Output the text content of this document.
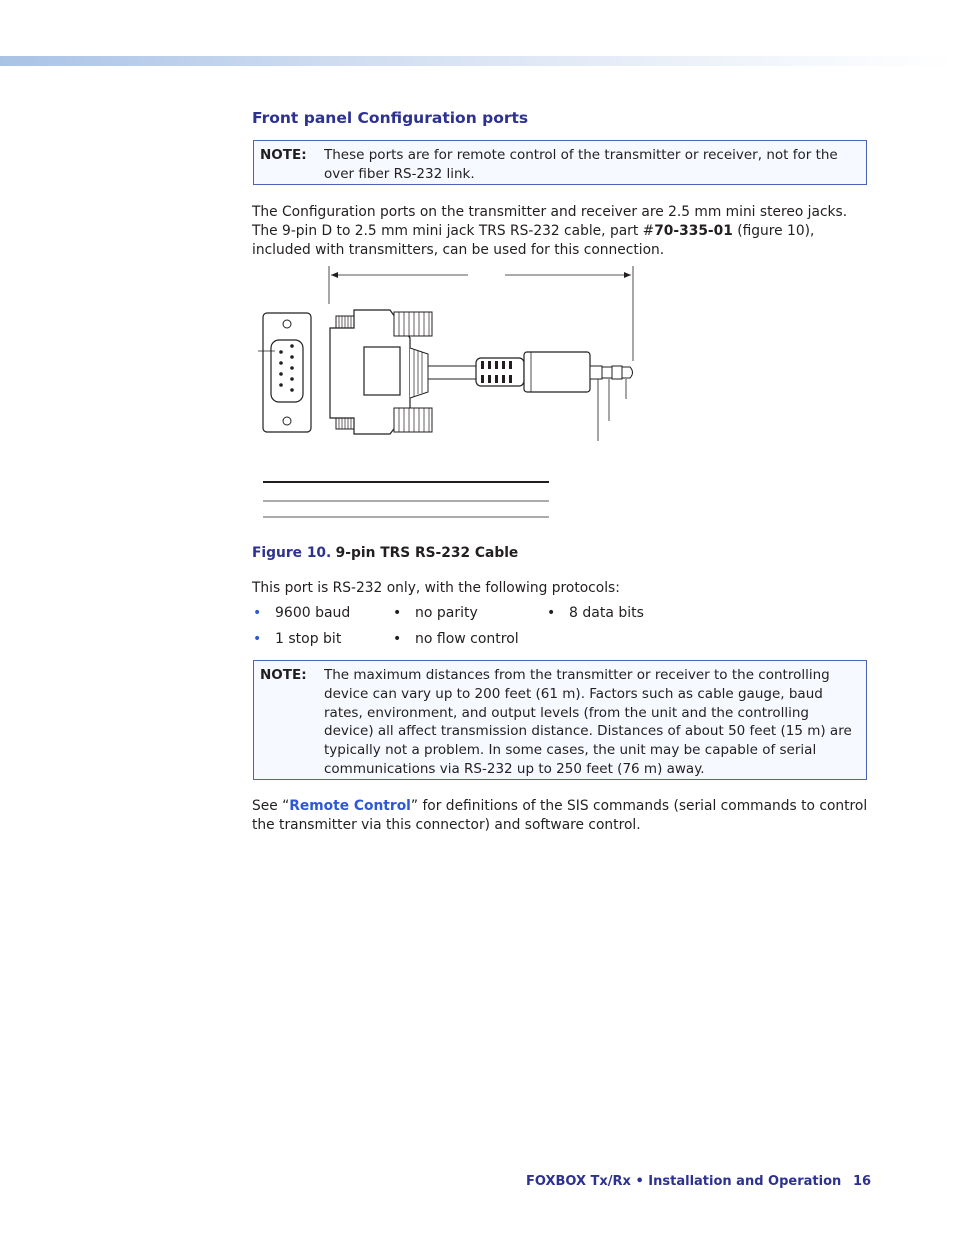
Front panel Configuration ports
NOTE: These ports are for remote control of the transmitter or receiver, not for the over fiber RS-232 link.

The Configuration ports on the transmitter and receiver are 2.5 mm mini stereo jacks. The 9-pin D to 2.5 mm mini jack TRS RS-232 cable, part #70-335-01 (figure 10), included with transmitters, can be used for this connection.

Figure 10. 9-pin TRS RS-232 Cable

This port is RS-232 only, with the following protocols:

• 9600 baud	• no parity	• 8 data bits
• 1 stop bit	• no flow control
NOTE: The maximum distances from the transmitter or receiver to the controlling device can vary up to 200 feet (61 m). Factors such as cable gauge, baud rates, environment, and output levels (from the unit and the controlling device) all affect transmission distance. Distances of about 50 feet (15 m) are typically not a problem. In some cases, the unit may be capable of serial communications via RS-232 up to 250 feet (76 m) away.

See “Remote Control” for definitions of the SIS commands (serial commands to control the transmitter via this connector) and software control.

FOXBOX Tx/Rx • Installation and Operation 16
